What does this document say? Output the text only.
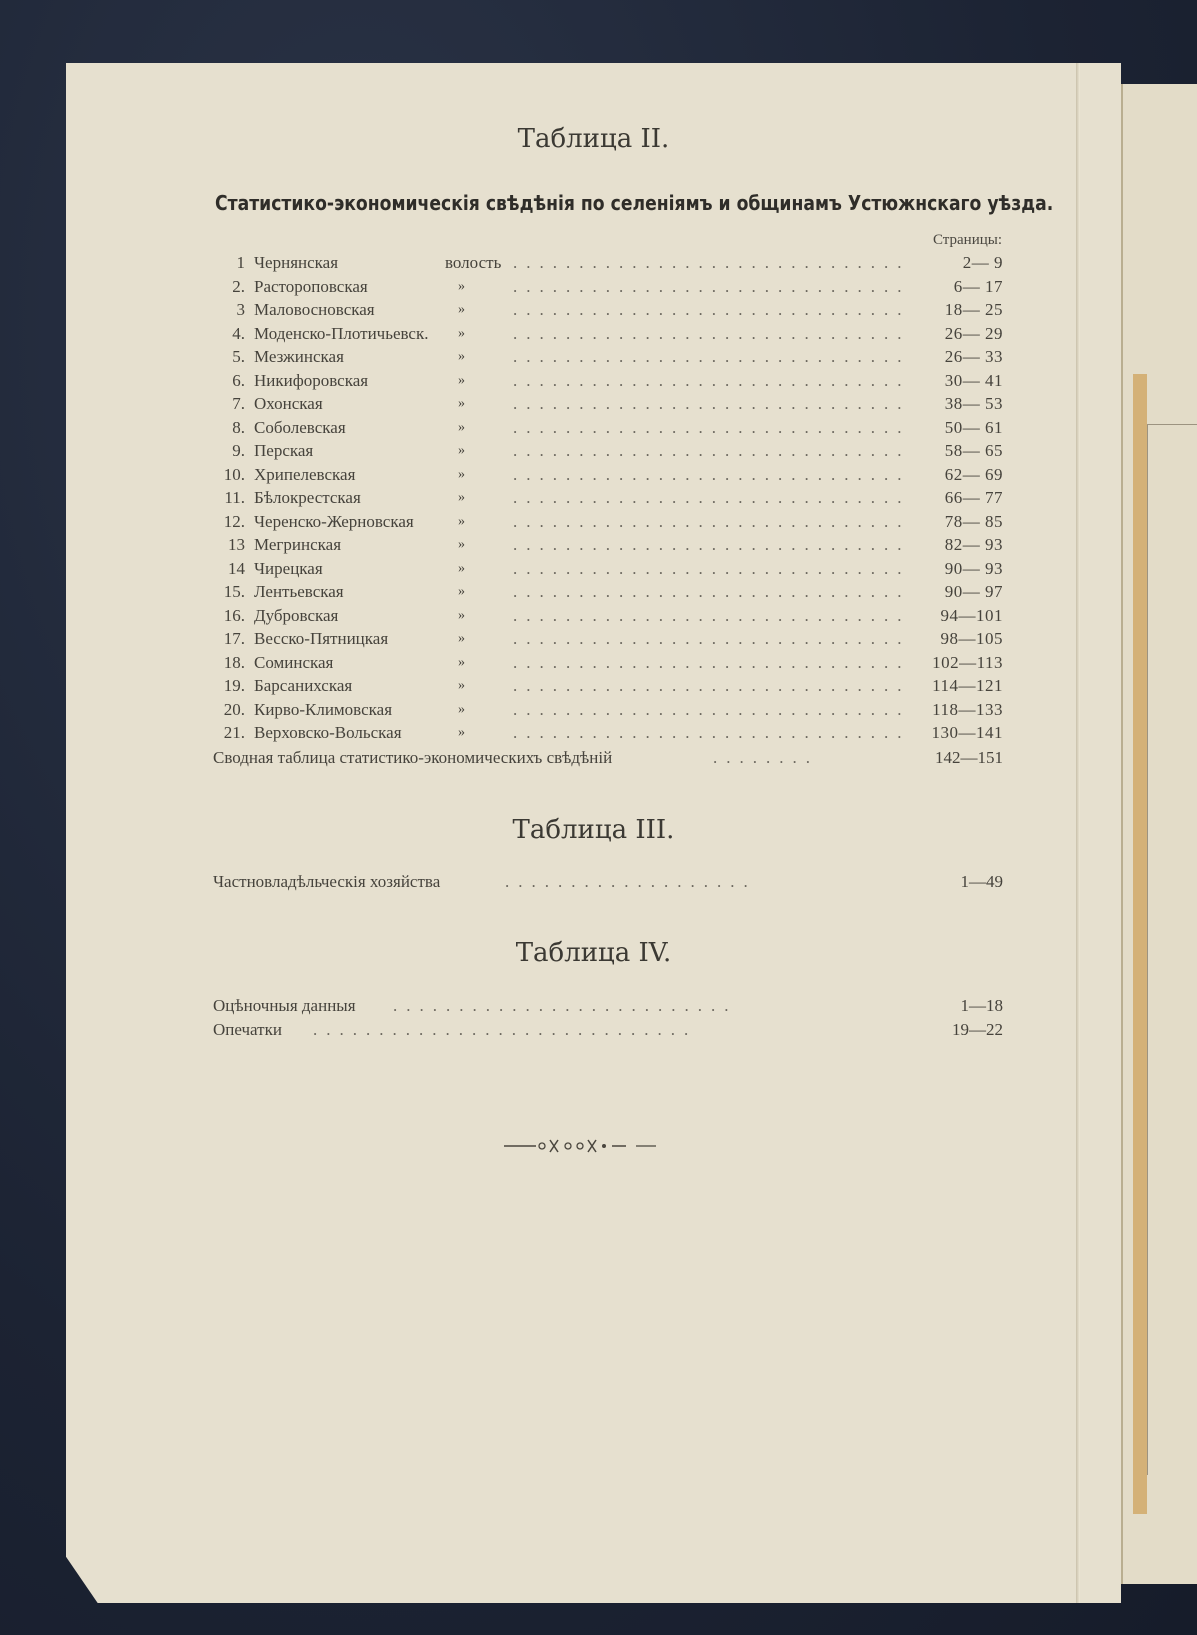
Таблица II.
Статистико-экономическія свѣдѣнія по селеніямъ и общинамъ Устюжнскаго уѣзда.
Страницы:
1 Чернянская	волость ..............................	2— 9
2. Растороповская	»	..............................	6— 17
3 Маловосновская	»	..............................	18— 25
4. Моденско-Плотичьевск. »	..............................	26— 29
5. Мезжинская	»	..............................	26— 33
6. Никифоровская	»	..............................	30— 41
7. Охонская	»	..............................	38— 53
8. Соболевская	»	..............................	50— 61
9. Перская	»	..............................	58— 65
10. Хрипелевская	»	..............................	62— 69
11. Бѣлокрестская	»	..............................	66— 77
12. Черенско-Жерновская	»	..............................	78— 85
13 Мегринская	»	..............................	82— 93
14 Чирецкая	»	..............................	90— 93
15. Лентьевская	»	..............................	90— 97
16. Дубровская	»	..............................	94—101
17. Весско-Пятницкая	»	..............................	98—105
18. Соминская	»	..............................	102—113
19. Барсанихская	»	..............................	114—121
20. Кирво-Климовская	»	..............................	118—133
21. Верховско-Вольская	»	..............................	130—141
Сводная таблица статистико-экономическихъ свѣдѣній	........	142—151
Таблица III.
Частновладѣльческія хозяйства	...................	1—49
Таблица IV.
Оцѣночныя данныя ..........................	1—18
Опечатки .............................	19—22
